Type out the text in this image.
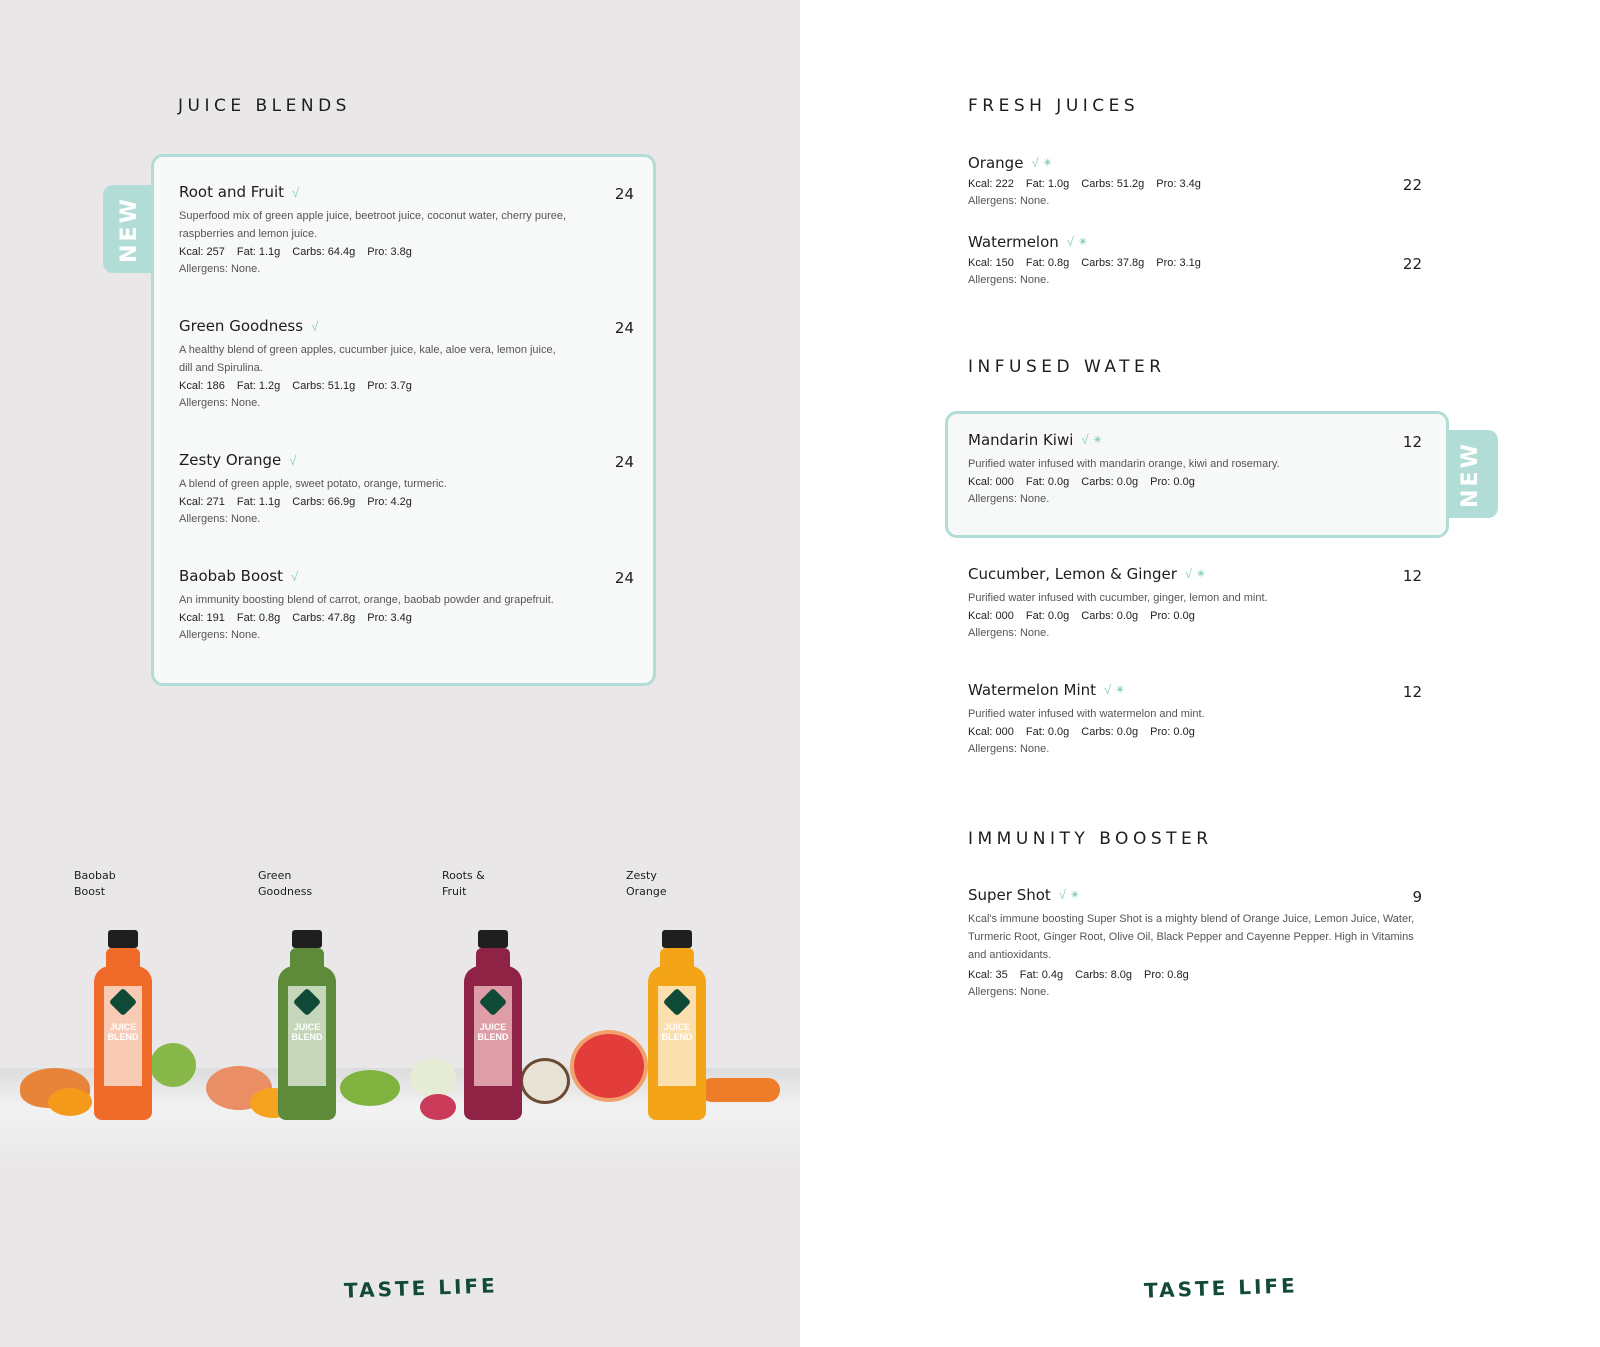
JUICE BLENDS
NEW
Root and Fruit √	24
Superfood mix of green apple juice, beetroot juice, coconut water, cherry puree, raspberries and lemon juice.
Kcal: 257 Fat: 1.1g Carbs: 64.4g Pro: 3.8g
Allergens: None.
Green Goodness √	24
A healthy blend of green apples, cucumber juice, kale, aloe vera, lemon juice, dill and Spirulina.
Kcal: 186 Fat: 1.2g Carbs: 51.1g Pro: 3.7g
Allergens: None.
Zesty Orange √	24
A blend of green apple, sweet potato, orange, turmeric.
Kcal: 271 Fat: 1.1g Carbs: 66.9g Pro: 4.2g
Allergens: None.
Baobab Boost √	24
An immunity boosting blend of carrot, orange, baobab powder and grapefruit.
Kcal: 191 Fat: 0.8g Carbs: 47.8g Pro: 3.4g
Allergens: None.
Baobab
Boost
Green
Goodness
Roots &
Fruit
Zesty
Orange
JUICE BLEND
JUICE BLEND
JUICE BLEND
JUICE BLEND
TASTE LIFE
FRESH JUICES
Orange √ ✴
22
Kcal: 222 Fat: 1.0g Carbs: 51.2g Pro: 3.4g
Allergens: None.
Watermelon √ ✴
22
Kcal: 150 Fat: 0.8g Carbs: 37.8g Pro: 3.1g
Allergens: None.
INFUSED WATER
NEW
Mandarin Kiwi √ ✴	12
Purified water infused with mandarin orange, kiwi and rosemary.
Kcal: 000 Fat: 0.0g Carbs: 0.0g Pro: 0.0g
Allergens: None.
Cucumber, Lemon & Ginger √ ✴	12
Purified water infused with cucumber, ginger, lemon and mint.
Kcal: 000 Fat: 0.0g Carbs: 0.0g Pro: 0.0g
Allergens: None.
Watermelon Mint √ ✴	12
Purified water infused with watermelon and mint.
Kcal: 000 Fat: 0.0g Carbs: 0.0g Pro: 0.0g
Allergens: None.
IMMUNITY BOOSTER
Super Shot √ ✴	9
Kcal's immune boosting Super Shot is a mighty blend of Orange Juice, Lemon Juice, Water, Turmeric Root, Ginger Root, Olive Oil, Black Pepper and Cayenne Pepper. High in Vitamins and antioxidants.
Kcal: 35 Fat: 0.4g Carbs: 8.0g Pro: 0.8g
Allergens: None.
TASTE LIFE
